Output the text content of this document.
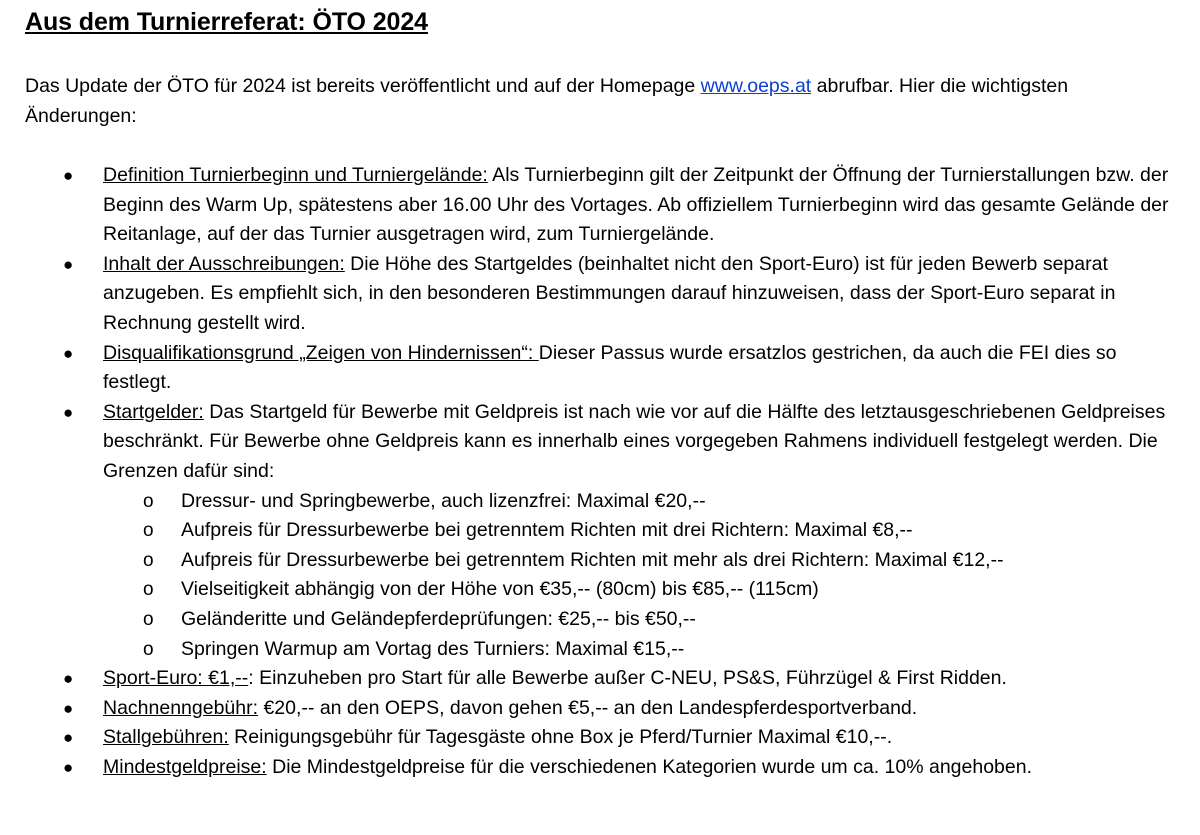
Aus dem Turnierreferat: ÖTO 2024

Das Update der ÖTO für 2024 ist bereits veröffentlicht und auf der Homepage www.oeps.at abrufbar. Hier die wichtigsten Änderungen:

● Definition Turnierbeginn und Turniergelände: Als Turnierbeginn gilt der Zeitpunkt der Öffnung der Turnierstallungen bzw. der Beginn des Warm Up, spätestens aber 16.00 Uhr des Vortages. Ab offiziellem Turnierbeginn wird das gesamte Gelände der Reitanlage, auf der das Turnier ausgetragen wird, zum Turniergelände.
● Inhalt der Ausschreibungen: Die Höhe des Startgeldes (beinhaltet nicht den Sport-Euro) ist für jeden Bewerb separat anzugeben. Es empfiehlt sich, in den besonderen Bestimmungen darauf hinzuweisen, dass der Sport-Euro separat in Rechnung gestellt wird.
● Disqualifikationsgrund „Zeigen von Hindernissen“: Dieser Passus wurde ersatzlos gestrichen, da auch die FEI dies so festlegt.
● Startgelder: Das Startgeld für Bewerbe mit Geldpreis ist nach wie vor auf die Hälfte des letztausgeschriebenen Geldpreises beschränkt. Für Bewerbe ohne Geldpreis kann es innerhalb eines vorgegeben Rahmens individuell festgelegt werden. Die Grenzen dafür sind:
o Dressur- und Springbewerbe, auch lizenzfrei: Maximal €20,--
o Aufpreis für Dressurbewerbe bei getrenntem Richten mit drei Richtern: Maximal €8,--
o Aufpreis für Dressurbewerbe bei getrenntem Richten mit mehr als drei Richtern: Maximal €12,--
o Vielseitigkeit abhängig von der Höhe von €35,-- (80cm) bis €85,-- (115cm)
o Geländeritte und Geländepferdeprüfungen: €25,-- bis €50,--
o Springen Warmup am Vortag des Turniers: Maximal €15,--
● Sport-Euro: €1,--: Einzuheben pro Start für alle Bewerbe außer C-NEU, PS&S, Führzügel & First Ridden.
● Nachnenngebühr: €20,-- an den OEPS, davon gehen €5,-- an den Landespferdesportverband.
● Stallgebühren: Reinigungsgebühr für Tagesgäste ohne Box je Pferd/Turnier Maximal €10,--.
● Mindestgeldpreise: Die Mindestgeldpreise für die verschiedenen Kategorien wurde um ca. 10% angehoben.
